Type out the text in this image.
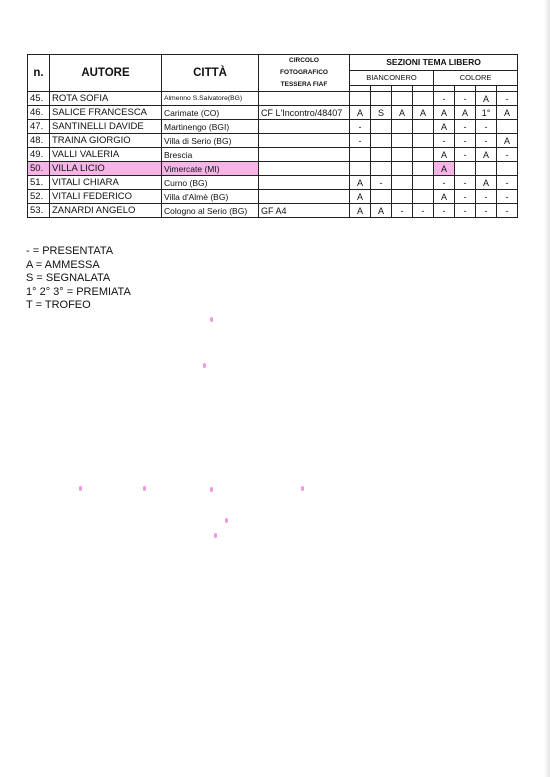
n.	AUTORE	CITTÀ	CIRCOLO
FOTOGRAFICO
TESSERA FIAF	SEZIONI TEMA LIBERO							
				BIANCONERO				COLORE			

45.	ROTA SOFIA	Almenno S.Salvatore(BG)						-	-	A	-
46.	SALICE FRANCESCA	Carimate (CO)	CF L'Incontro/48407	A	S	A	A	A	A	1°	A
47.	SANTINELLI DAVIDE	Martinengo (BGI)		-				A	-	-	
48.	TRAINA GIORGIO	Villa di Serio (BG)		-				-	-	-	A
49.	VALLI VALERIA	Brescia						A	-	A	-
50.	VILLA LICIO	Vimercate (MI)						A			
51.	VITALI CHIARA	Curno (BG)		A	-			-	-	A	-
52.	VITALI FEDERICO	Villa d'Almè (BG)		A				A	-	-	-
53.	ZANARDI ANGELO	Cologno al Serio (BG)	GF A4	A	A	-	-	-	-	-	-
- = PRESENTATA
A = AMMESSA
S = SEGNALATA
1° 2° 3° = PREMIATA
T = TROFEO
